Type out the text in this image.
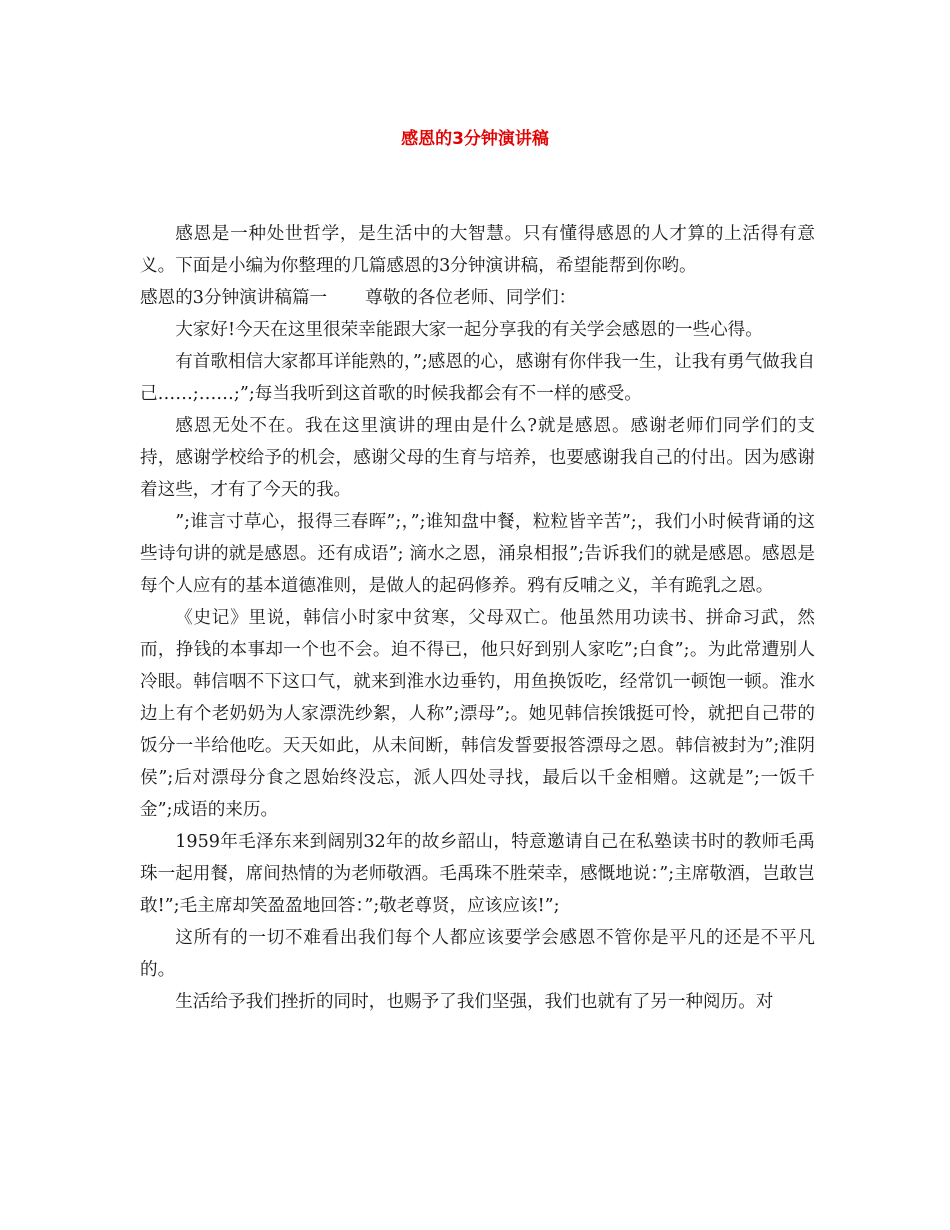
感恩的3分钟演讲稿

感恩是一种处世哲学，是生活中的大智慧。只有懂得感恩的人才算的上活得有意义。下面是小编为你整理的几篇感恩的3分钟演讲稿，希望能帮到你哟。

感恩的3分钟演讲稿篇一 尊敬的各位老师、同学们：

大家好!今天在这里很荣幸能跟大家一起分享我的有关学会感恩的一些心得。

有首歌相信大家都耳详能熟的，”;感恩的心，感谢有你伴我一生，让我有勇气做我自己……;……;”;每当我听到这首歌的时候我都会有不一样的感受。

感恩无处不在。我在这里演讲的理由是什么?就是感恩。感谢老师们同学们的支持，感谢学校给予的机会，感谢父母的生育与培养，也要感谢我自己的付出。因为感谢着这些，才有了今天的我。

”;谁言寸草心，报得三春晖”;，”;谁知盘中餐，粒粒皆辛苦”;，我们小时候背诵的这些诗句讲的就是感恩。还有成语”; 滴水之恩，涌泉相报”;告诉我们的就是感恩。感恩是每个人应有的基本道德准则，是做人的起码修养。鸦有反哺之义，羊有跪乳之恩。

《史记》里说，韩信小时家中贫寒，父母双亡。他虽然用功读书、拼命习武，然而，挣钱的本事却一个也不会。迫不得已，他只好到别人家吃”;白食”;。为此常遭别人冷眼。韩信咽不下这口气，就来到淮水边垂钓，用鱼换饭吃，经常饥一顿饱一顿。淮水边上有个老奶奶为人家漂洗纱絮，人称”;漂母”;。她见韩信挨饿挺可怜，就把自己带的饭分一半给他吃。天天如此，从未间断，韩信发誓要报答漂母之恩。韩信被封为”;淮阴侯”;后对漂母分食之恩始终没忘，派人四处寻找，最后以千金相赠。这就是”;一饭千金”;成语的来历。

1959年毛泽东来到阔别32年的故乡韶山，特意邀请自己在私塾读书时的教师毛禹珠一起用餐，席间热情的为老师敬酒。毛禹珠不胜荣幸，感慨地说：”;主席敬酒，岂敢岂敢!”;毛主席却笑盈盈地回答：”;敬老尊贤，应该应该!”;

这所有的一切不难看出我们每个人都应该要学会感恩不管你是平凡的还是不平凡的。

生活给予我们挫折的同时，也赐予了我们坚强，我们也就有了另一种阅历。对
